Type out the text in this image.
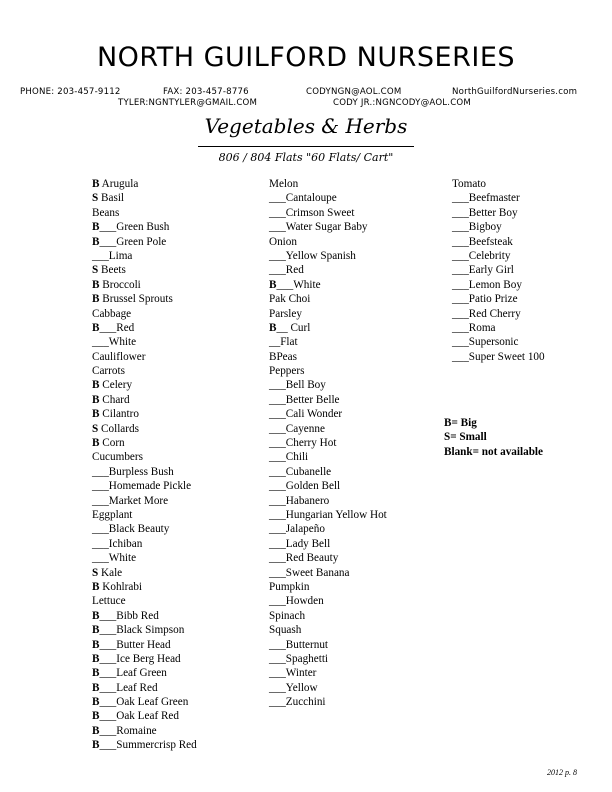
NORTH GUILFORD NURSERIES
PHONE: 203-457-9112	FAX: 203-457-8776	CODYNGN@AOL.COM	NorthGuilfordNurseries.com
TYLER:NGNTYLER@GMAIL.COM	CODY JR.:NGNCODY@AOL.COM
Vegetables & Herbs
806 / 804 Flats "60 Flats/ Cart"
B Arugula
S Basil
Beans
B___Green Bush
B___Green Pole
___Lima
S Beets
B Broccoli
B Brussel Sprouts
Cabbage
B___Red
___White
Cauliflower
Carrots
B Celery
B Chard
B Cilantro
S Collards
B Corn
Cucumbers
___Burpless Bush
___Homemade Pickle
___Market More
Eggplant
___Black Beauty
___Ichiban
___White
S Kale
B Kohlrabi
Lettuce
B___Bibb Red
B___Black Simpson
B___Butter Head
B___Ice Berg Head
B___Leaf Green
B___Leaf Red
B___Oak Leaf Green
B___Oak Leaf Red
B___Romaine
B___Summercrisp Red
Melon
___Cantaloupe
___Crimson Sweet
___Water Sugar Baby
Onion
___Yellow Spanish
___Red
B___White
Pak Choi
Parsley
B__ Curl
__Flat
BPeas
Peppers
___Bell Boy
___Better Belle
___Cali Wonder
___Cayenne
___Cherry Hot
___Chili
___Cubanelle
___Golden Bell
___Habanero
___Hungarian Yellow Hot
___Jalapeño
___Lady Bell
___Red Beauty
___Sweet Banana
Pumpkin
___Howden
Spinach
Squash
___Butternut
___Spaghetti
___Winter
___Yellow
___Zucchini
Tomato
___Beefmaster
___Better Boy
___Bigboy
___Beefsteak
___Celebrity
___Early Girl
___Lemon Boy
___Patio Prize
___Red Cherry
___Roma
___Supersonic
___Super Sweet 100
B= Big
S= Small
Blank= not available
2012 p. 8
